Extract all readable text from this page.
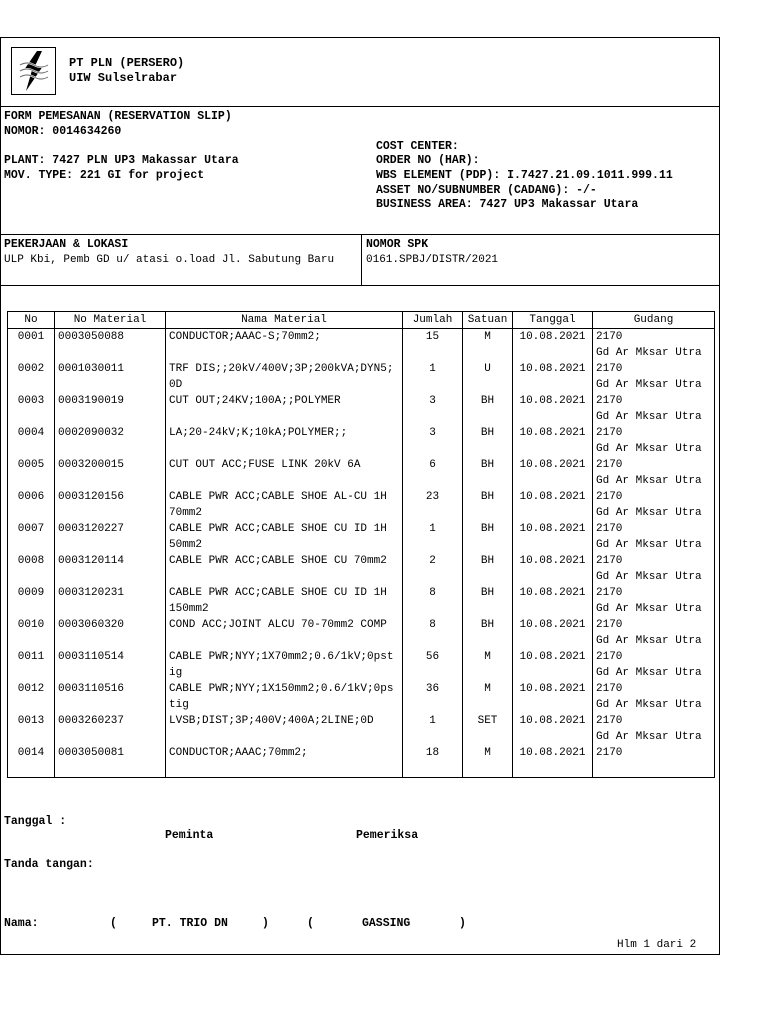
PT PLN (PERSERO)
UIW Sulselrabar
FORM PEMESANAN (RESERVATION SLIP)
NOMOR: 0014634260
PLANT: 7427 PLN UP3 Makassar Utara
MOV. TYPE: 221 GI for project
COST CENTER:
ORDER NO (HAR):
WBS ELEMENT (PDP): I.7427.21.09.1011.999.11
ASSET NO/SUBNUMBER (CADANG): -/-
BUSINESS AREA: 7427 UP3 Makassar Utara
PEKERJAAN & LOKASI
ULP Kbi, Pemb GD u/ atasi o.load Jl. Sabutung Baru
NOMOR SPK
0161.SPBJ/DISTR/2021
No	No Material	Nama Material	Jumlah	Satuan	Tanggal	Gudang
0001	0003050088	CONDUCTOR;AAAC-S;70mm2;	15	M	10.08.2021	2170
Gd Ar Mksar Utra
0002	0001030011	TRF DIS;;20kV/400V;3P;200kVA;DYN5;0D	1	U	10.08.2021	2170
Gd Ar Mksar Utra
0003	0003190019	CUT OUT;24KV;100A;;POLYMER	3	BH	10.08.2021	2170
Gd Ar Mksar Utra
0004	0002090032	LA;20-24kV;K;10kA;POLYMER;;	3	BH	10.08.2021	2170
Gd Ar Mksar Utra
0005	0003200015	CUT OUT ACC;FUSE LINK 20kV 6A	6	BH	10.08.2021	2170
Gd Ar Mksar Utra
0006	0003120156	CABLE PWR ACC;CABLE SHOE AL-CU 1H 70mm2	23	BH	10.08.2021	2170
Gd Ar Mksar Utra
0007	0003120227	CABLE PWR ACC;CABLE SHOE CU ID 1H 50mm2	1	BH	10.08.2021	2170
Gd Ar Mksar Utra
0008	0003120114	CABLE PWR ACC;CABLE SHOE CU 70mm2	2	BH	10.08.2021	2170
Gd Ar Mksar Utra
0009	0003120231	CABLE PWR ACC;CABLE SHOE CU ID 1H 150mm2	8	BH	10.08.2021	2170
Gd Ar Mksar Utra
0010	0003060320	COND ACC;JOINT ALCU 70-70mm2 COMP	8	BH	10.08.2021	2170
Gd Ar Mksar Utra
0011	0003110514	CABLE PWR;NYY;1X70mm2;0.6/1kV;0pstig	56	M	10.08.2021	2170
Gd Ar Mksar Utra
0012	0003110516	CABLE PWR;NYY;1X150mm2;0.6/1kV;0pstig	36	M	10.08.2021	2170
Gd Ar Mksar Utra
0013	0003260237	LVSB;DIST;3P;400V;400A;2LINE;0D	1	SET	10.08.2021	2170
Gd Ar Mksar Utra
0014	0003050081	CONDUCTOR;AAAC;70mm2;	18	M	10.08.2021	2170
Tanggal :
Peminta	Pemeriksa
Tanda tangan:
Nama:	(	PT. TRIO DN	)	(	GASSING	)
Hlm 1 dari 2
